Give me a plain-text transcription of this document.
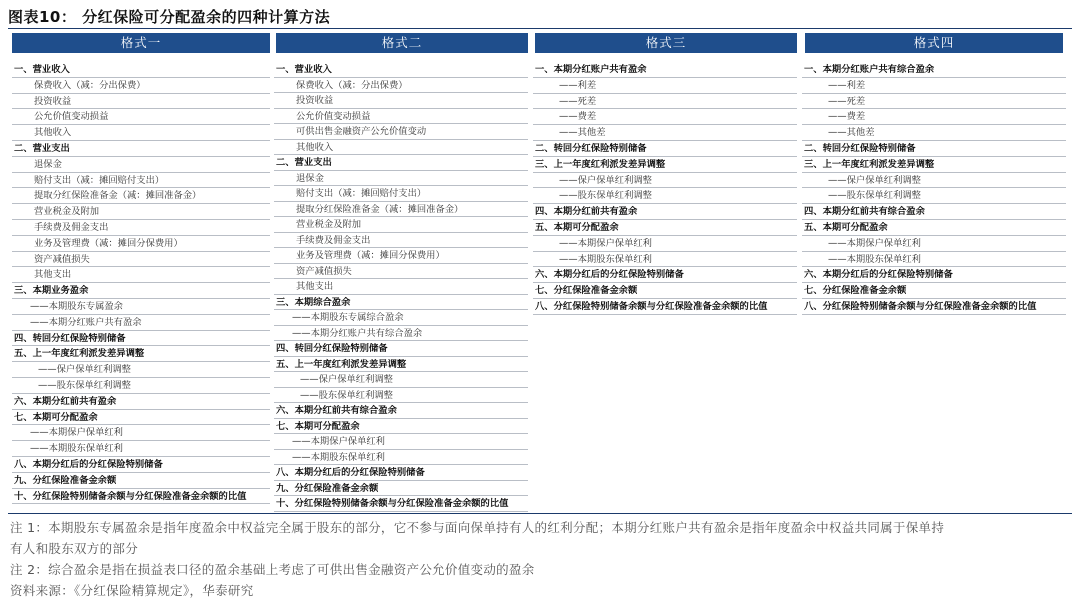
图表10： 分红保险可分配盈余的四种计算方法
格式一	格式二	格式三	格式四
一、营业收入
保费收入（减：分出保费）
投资收益
公允价值变动损益
其他收入
二、营业支出
退保金
赔付支出（减：摊回赔付支出）
提取分红保险准备金（减：摊回准备金）
营业税金及附加
手续费及佣金支出
业务及管理费（减：摊回分保费用）
资产减值损失
其他支出
三、本期业务盈余
——本期股东专属盈余
——本期分红账户共有盈余
四、转回分红保险特别储备
五、上一年度红利派发差异调整
——保户保单红利调整
——股东保单红利调整
六、本期分红前共有盈余
七、本期可分配盈余
——本期保户保单红利
——本期股东保单红利
八、本期分红后的分红保险特别储备
九、分红保险准备金余额
十、分红保险特别储备余额与分红保险准备金余额的比值
一、营业收入
保费收入（减：分出保费）
投资收益
公允价值变动损益
可供出售金融资产公允价值变动
其他收入
二、营业支出
退保金
赔付支出（减：摊回赔付支出）
提取分红保险准备金（减：摊回准备金）
营业税金及附加
手续费及佣金支出
业务及管理费（减：摊回分保费用）
资产减值损失
其他支出
三、本期综合盈余
——本期股东专属综合盈余
——本期分红账户共有综合盈余
四、转回分红保险特别储备
五、上一年度红利派发差异调整
——保户保单红利调整
——股东保单红利调整
六、本期分红前共有综合盈余
七、本期可分配盈余
——本期保户保单红利
——本期股东保单红利
八、本期分红后的分红保险特别储备
九、分红保险准备金余额
十、分红保险特别储备余额与分红保险准备金余额的比值
一、本期分红账户共有盈余
——利差
——死差
——费差
——其他差
二、转回分红保险特别储备
三、上一年度红利派发差异调整
——保户保单红利调整
——股东保单红利调整
四、本期分红前共有盈余
五、本期可分配盈余
——本期保户保单红利
——本期股东保单红利
六、本期分红后的分红保险特别储备
七、分红保险准备金余额
八、分红保险特别储备余额与分红保险准备金余额的比值
一、本期分红账户共有综合盈余
——利差
——死差
——费差
——其他差
二、转回分红保险特别储备
三、上一年度红利派发差异调整
——保户保单红利调整
——股东保单红利调整
四、本期分红前共有综合盈余
五、本期可分配盈余
——本期保户保单红利
——本期股东保单红利
六、本期分红后的分红保险特别储备
七、分红保险准备金余额
八、分红保险特别储备余额与分红保险准备金余额的比值
注 1：本期股东专属盈余是指年度盈余中权益完全属于股东的部分，它不参与面向保单持有人的红利分配；本期分红账户共有盈余是指年度盈余中权益共同属于保单持
有人和股东双方的部分
注 2：综合盈余是指在损益表口径的盈余基础上考虑了可供出售金融资产公允价值变动的盈余
资料来源：《分红保险精算规定》，华泰研究
